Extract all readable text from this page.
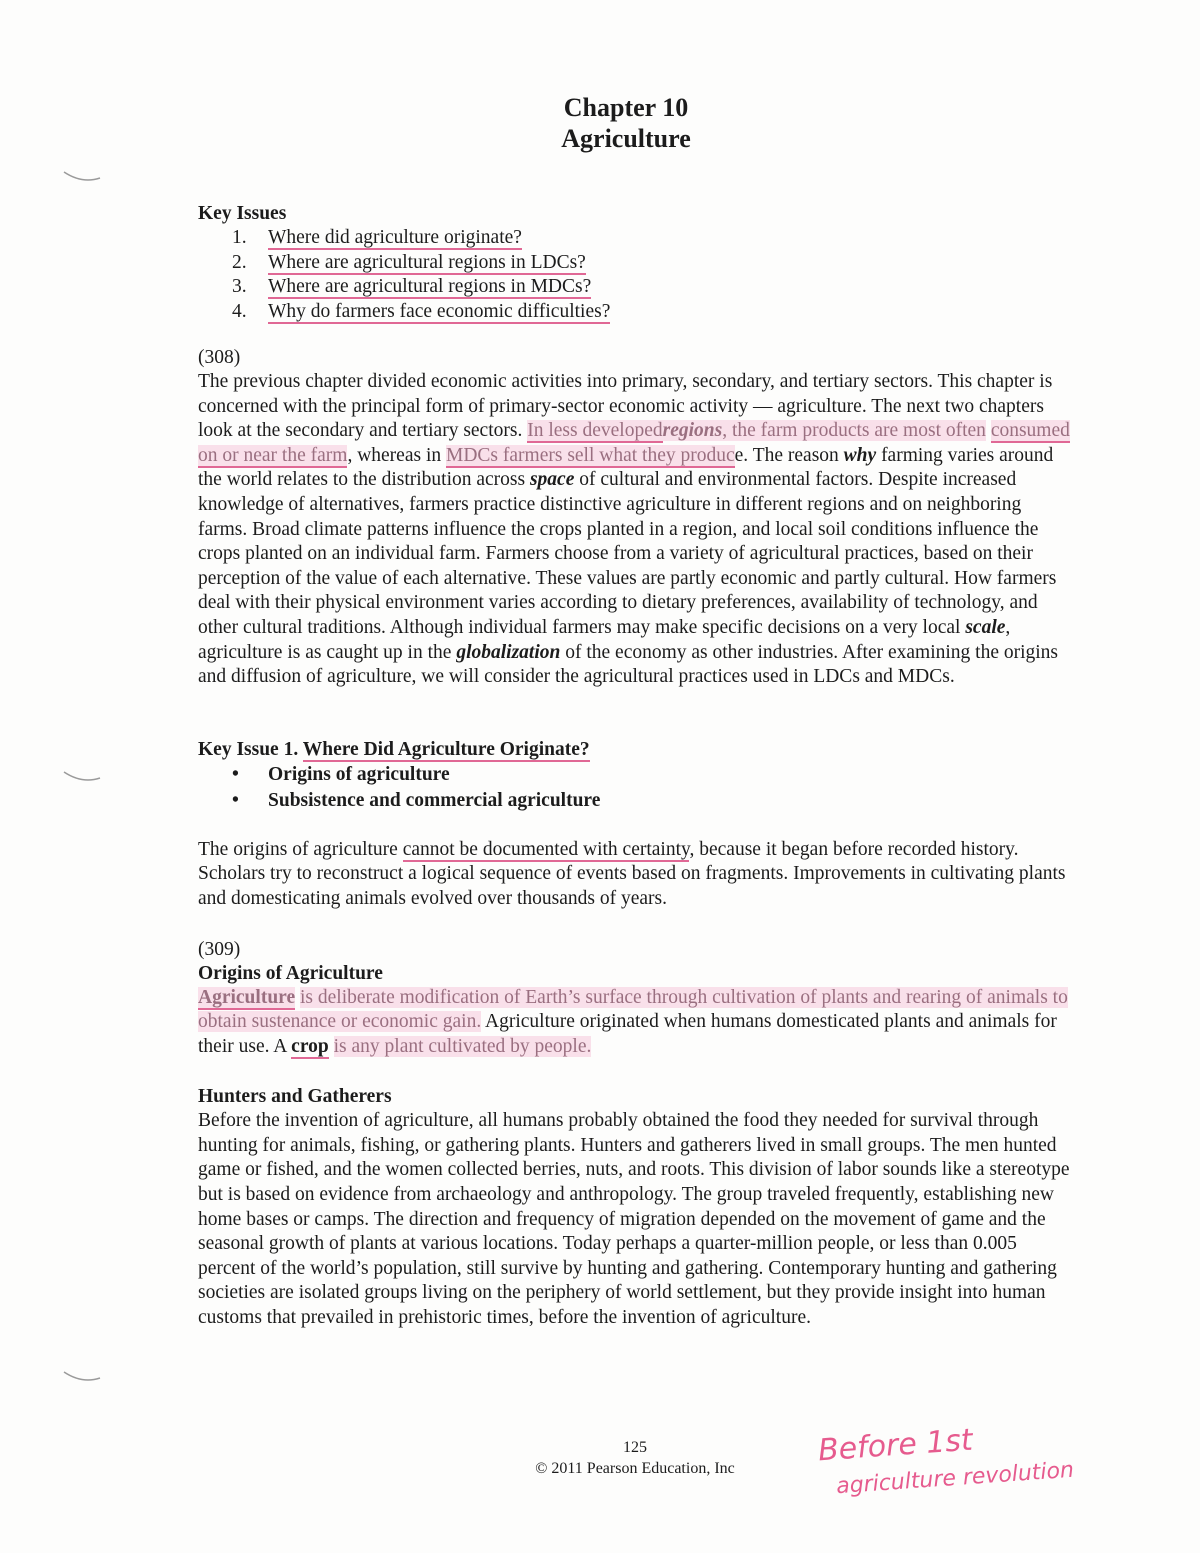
Chapter 10
Agriculture
Key Issues
1. Where did agriculture originate?
2. Where are agricultural regions in LDCs?
3. Where are agricultural regions in MDCs?
4. Why do farmers face economic difficulties?
(308)

The previous chapter divided economic activities into primary, secondary, and tertiary sectors. This chapter is concerned with the principal form of primary-sector economic activity — agriculture. The next two chapters look at the secondary and tertiary sectors. In less developedregions, the farm products are most often consumed on or near the farm, whereas in MDCs farmers sell what they produce. The reason why farming varies around the world relates to the distribution across space of cultural and environmental factors. Despite increased knowledge of alternatives, farmers practice distinctive agriculture in different regions and on neighboring farms. Broad climate patterns influence the crops planted in a region, and local soil conditions influence the crops planted on an individual farm. Farmers choose from a variety of agricultural practices, based on their perception of the value of each alternative. These values are partly economic and partly cultural. How farmers deal with their physical environment varies according to dietary preferences, availability of technology, and other cultural traditions. Although individual farmers may make specific decisions on a very local scale, agriculture is as caught up in the globalization of the economy as other industries. After examining the origins and diffusion of agriculture, we will consider the agricultural practices used in LDCs and MDCs.

Key Issue 1. Where Did Agriculture Originate?
• Origins of agriculture
• Subsistence and commercial agriculture

The origins of agriculture cannot be documented with certainty, because it began before recorded history. Scholars try to reconstruct a logical sequence of events based on fragments. Improvements in cultivating plants and domesticating animals evolved over thousands of years.

(309)
Origins of Agriculture

Agriculture is deliberate modification of Earth’s surface through cultivation of plants and rearing of animals to obtain sustenance or economic gain. Agriculture originated when humans domesticated plants and animals for their use. A crop is any plant cultivated by people.

Hunters and Gatherers

Before the invention of agriculture, all humans probably obtained the food they needed for survival through hunting for animals, fishing, or gathering plants. Hunters and gatherers lived in small groups. The men hunted game or fished, and the women collected berries, nuts, and roots. This division of labor sounds like a stereotype but is based on evidence from archaeology and anthropology. The group traveled frequently, establishing new home bases or camps. The direction and frequency of migration depended on the movement of game and the seasonal growth of plants at various locations. Today perhaps a quarter-million people, or less than 0.005 percent of the world’s population, still survive by hunting and gathering. Contemporary hunting and gathering societies are isolated groups living on the periphery of world settlement, but they provide insight into human customs that prevailed in prehistoric times, before the invention of agriculture.

125
© 2011 Pearson Education, Inc
Before 1st
agriculture revolution
